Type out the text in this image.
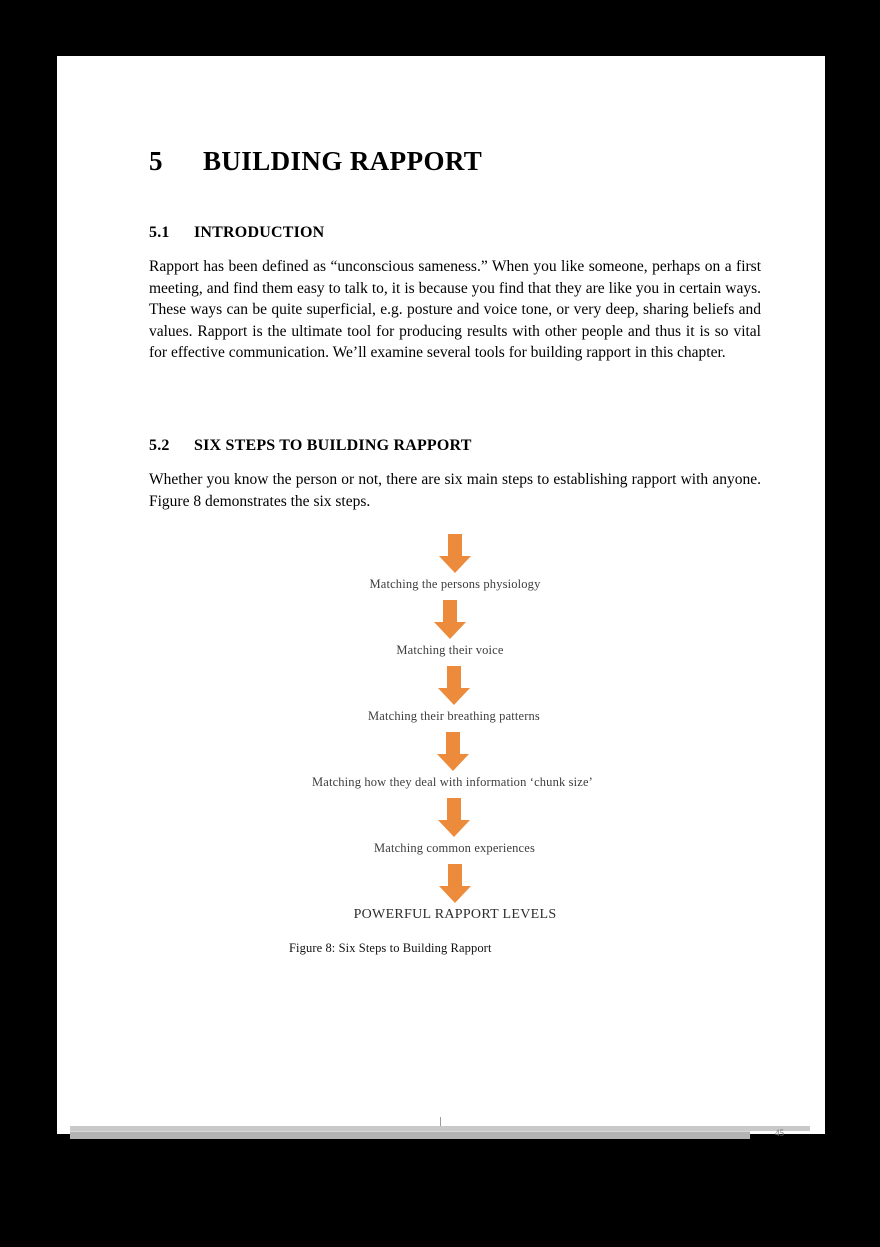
5	BUILDING RAPPORT
5.1	INTRODUCTION

Rapport has been defined as “unconscious sameness.” When you like someone, perhaps on a first meeting, and find them easy to talk to, it is because you find that they are like you in certain ways. These ways can be quite superficial, e.g. posture and voice tone, or very deep, sharing beliefs and values. Rapport is the ultimate tool for producing results with other people and thus it is so vital for effective communication. We’ll examine several tools for building rapport in this chapter.

5.2	SIX STEPS TO BUILDING RAPPORT

Whether you know the person or not, there are six main steps to establishing rapport with anyone. Figure 8 demonstrates the six steps.

Matching the persons physiology
Matching their voice
Matching their breathing patterns
Matching how they deal with information ‘chunk size’
Matching common experiences
POWERFUL RAPPORT LEVELS
Figure 8: Six Steps to Building Rapport
45
